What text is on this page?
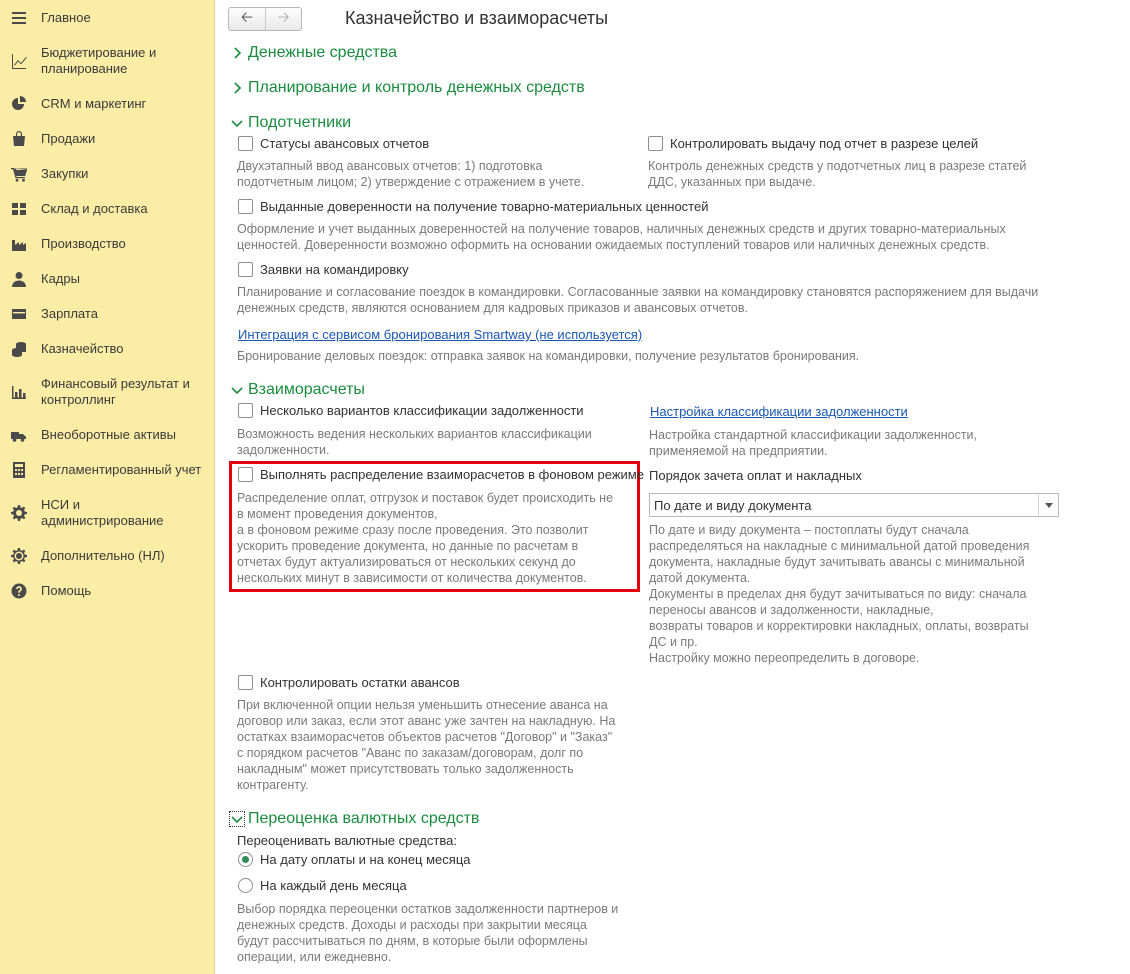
Главное
Бюджетирование и планирование
CRM и маркетинг
Продажи
Закупки
Склад и доставка
Производство
Кадры
Зарплата
Казначейство
Финансовый результат и контроллинг
Внеоборотные активы
Регламентированный учет
НСИ и администрирование
Дополнительно (НЛ)
Помощь
🡠 🡢	Казначейство и взаиморасчеты
Денежные средства
Планирование и контроль денежных средств
Подотчетники
Статусы авансовых отчетов
Двухэтапный ввод авансовых отчетов: 1) подготовка
подотчетным лицом; 2) утверждение с отражением в учете.
Контролировать выдачу под отчет в разрезе целей
Контроль денежных средств у подотчетных лиц в разрезе статей
ДДС, указанных при выдаче.
Выданные доверенности на получение товарно-материальных ценностей
Оформление и учет выданных доверенностей на получение товаров, наличных денежных средств и других товарно-материальных
ценностей. Доверенности возможно оформить на основании ожидаемых поступлений товаров или наличных денежных средств.
Заявки на командировку
Планирование и согласование поездок в командировки. Согласованные заявки на командировку становятся распоряжением для выдачи
денежных средств, являются основанием для кадровых приказов и авансовых отчетов.
Интеграция с сервисом бронирования Smartway (не используется)
Бронирование деловых поездок: отправка заявок на командировки, получение результатов бронирования.
Взаиморасчеты
Несколько вариантов классификации задолженности
Возможность ведения нескольких вариантов классификации
задолженности.
Настройка классификации задолженности
Настройка стандартной классификации задолженности,
применяемой на предприятии.
Выполнять распределение взаиморасчетов в фоновом режиме
Распределение оплат, отгрузок и поставок будет происходить не
в момент проведения документов,
а в фоновом режиме сразу после проведения. Это позволит
ускорить проведение документа, но данные по расчетам в
отчетах будут актуализироваться от нескольких секунд до
нескольких минут в зависимости от количества документов.
Порядок зачета оплат и накладных
По дате и виду документа
По дате и виду документа – постоплаты будут сначала
распределяться на накладные с минимальной датой проведения
документа, накладные будут зачитывать авансы с минимальной
датой документа.
Документы в пределах дня будут зачитываться по виду: сначала
переносы авансов и задолженности, накладные,
возвраты товаров и корректировки накладных, оплаты, возвраты
ДС и пр.
Настройку можно переопределить в договоре.
Контролировать остатки авансов
При включенной опции нельзя уменьшить отнесение аванса на
договор или заказ, если этот аванс уже зачтен на накладную. На
остатках взаиморасчетов объектов расчетов "Договор" и "Заказ"
с порядком расчетов "Аванс по заказам/договорам, долг по
накладным" может присутствовать только задолженность
контрагенту.
Переоценка валютных средств
Переоценивать валютные средства:
На дату оплаты и на конец месяца
На каждый день месяца
Выбор порядка переоценки остатков задолженности партнеров и
денежных средств. Доходы и расходы при закрытии месяца
будут рассчитываться по дням, в которые были оформлены
операции, или ежедневно.
